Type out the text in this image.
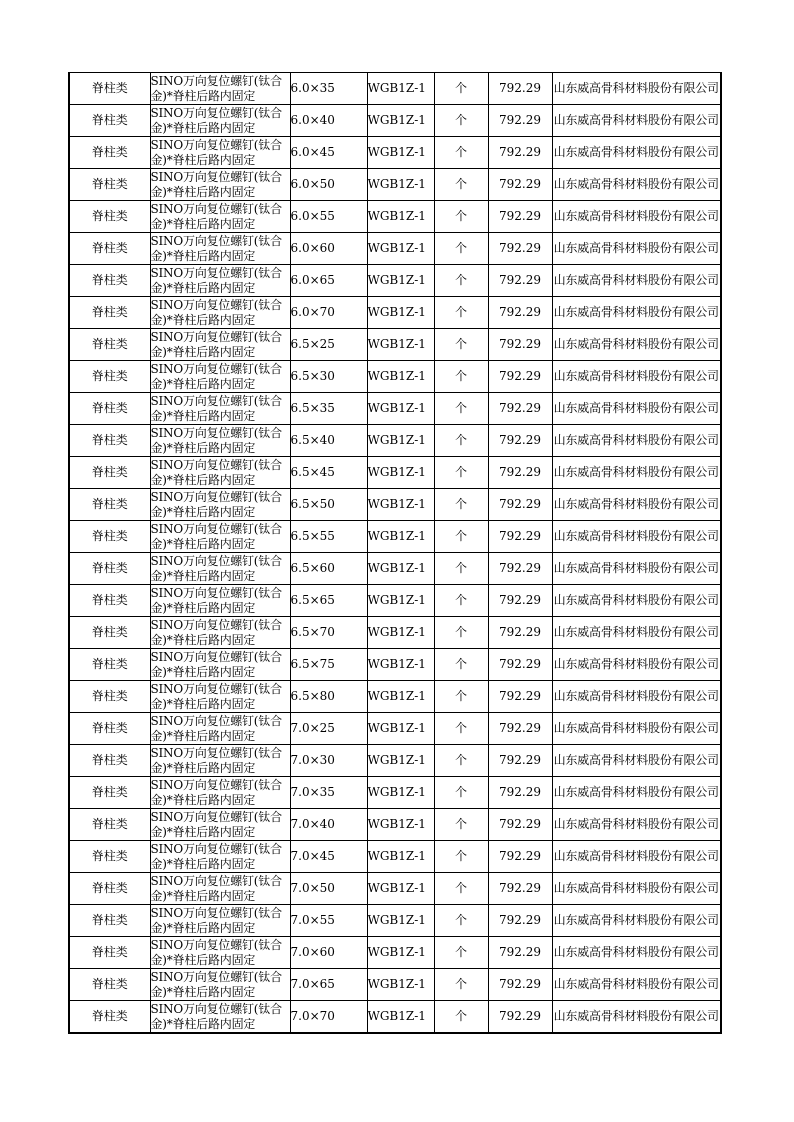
脊柱类	SINO万向复位螺钉(钛合金)*脊柱后路内固定	6.0×35	WGB1Z-1	个	792.29	山东威高骨科材料股份有限公司
脊柱类	SINO万向复位螺钉(钛合金)*脊柱后路内固定	6.0×40	WGB1Z-1	个	792.29	山东威高骨科材料股份有限公司
脊柱类	SINO万向复位螺钉(钛合金)*脊柱后路内固定	6.0×45	WGB1Z-1	个	792.29	山东威高骨科材料股份有限公司
脊柱类	SINO万向复位螺钉(钛合金)*脊柱后路内固定	6.0×50	WGB1Z-1	个	792.29	山东威高骨科材料股份有限公司
脊柱类	SINO万向复位螺钉(钛合金)*脊柱后路内固定	6.0×55	WGB1Z-1	个	792.29	山东威高骨科材料股份有限公司
脊柱类	SINO万向复位螺钉(钛合金)*脊柱后路内固定	6.0×60	WGB1Z-1	个	792.29	山东威高骨科材料股份有限公司
脊柱类	SINO万向复位螺钉(钛合金)*脊柱后路内固定	6.0×65	WGB1Z-1	个	792.29	山东威高骨科材料股份有限公司
脊柱类	SINO万向复位螺钉(钛合金)*脊柱后路内固定	6.0×70	WGB1Z-1	个	792.29	山东威高骨科材料股份有限公司
脊柱类	SINO万向复位螺钉(钛合金)*脊柱后路内固定	6.5×25	WGB1Z-1	个	792.29	山东威高骨科材料股份有限公司
脊柱类	SINO万向复位螺钉(钛合金)*脊柱后路内固定	6.5×30	WGB1Z-1	个	792.29	山东威高骨科材料股份有限公司
脊柱类	SINO万向复位螺钉(钛合金)*脊柱后路内固定	6.5×35	WGB1Z-1	个	792.29	山东威高骨科材料股份有限公司
脊柱类	SINO万向复位螺钉(钛合金)*脊柱后路内固定	6.5×40	WGB1Z-1	个	792.29	山东威高骨科材料股份有限公司
脊柱类	SINO万向复位螺钉(钛合金)*脊柱后路内固定	6.5×45	WGB1Z-1	个	792.29	山东威高骨科材料股份有限公司
脊柱类	SINO万向复位螺钉(钛合金)*脊柱后路内固定	6.5×50	WGB1Z-1	个	792.29	山东威高骨科材料股份有限公司
脊柱类	SINO万向复位螺钉(钛合金)*脊柱后路内固定	6.5×55	WGB1Z-1	个	792.29	山东威高骨科材料股份有限公司
脊柱类	SINO万向复位螺钉(钛合金)*脊柱后路内固定	6.5×60	WGB1Z-1	个	792.29	山东威高骨科材料股份有限公司
脊柱类	SINO万向复位螺钉(钛合金)*脊柱后路内固定	6.5×65	WGB1Z-1	个	792.29	山东威高骨科材料股份有限公司
脊柱类	SINO万向复位螺钉(钛合金)*脊柱后路内固定	6.5×70	WGB1Z-1	个	792.29	山东威高骨科材料股份有限公司
脊柱类	SINO万向复位螺钉(钛合金)*脊柱后路内固定	6.5×75	WGB1Z-1	个	792.29	山东威高骨科材料股份有限公司
脊柱类	SINO万向复位螺钉(钛合金)*脊柱后路内固定	6.5×80	WGB1Z-1	个	792.29	山东威高骨科材料股份有限公司
脊柱类	SINO万向复位螺钉(钛合金)*脊柱后路内固定	7.0×25	WGB1Z-1	个	792.29	山东威高骨科材料股份有限公司
脊柱类	SINO万向复位螺钉(钛合金)*脊柱后路内固定	7.0×30	WGB1Z-1	个	792.29	山东威高骨科材料股份有限公司
脊柱类	SINO万向复位螺钉(钛合金)*脊柱后路内固定	7.0×35	WGB1Z-1	个	792.29	山东威高骨科材料股份有限公司
脊柱类	SINO万向复位螺钉(钛合金)*脊柱后路内固定	7.0×40	WGB1Z-1	个	792.29	山东威高骨科材料股份有限公司
脊柱类	SINO万向复位螺钉(钛合金)*脊柱后路内固定	7.0×45	WGB1Z-1	个	792.29	山东威高骨科材料股份有限公司
脊柱类	SINO万向复位螺钉(钛合金)*脊柱后路内固定	7.0×50	WGB1Z-1	个	792.29	山东威高骨科材料股份有限公司
脊柱类	SINO万向复位螺钉(钛合金)*脊柱后路内固定	7.0×55	WGB1Z-1	个	792.29	山东威高骨科材料股份有限公司
脊柱类	SINO万向复位螺钉(钛合金)*脊柱后路内固定	7.0×60	WGB1Z-1	个	792.29	山东威高骨科材料股份有限公司
脊柱类	SINO万向复位螺钉(钛合金)*脊柱后路内固定	7.0×65	WGB1Z-1	个	792.29	山东威高骨科材料股份有限公司
脊柱类	SINO万向复位螺钉(钛合金)*脊柱后路内固定	7.0×70	WGB1Z-1	个	792.29	山东威高骨科材料股份有限公司
